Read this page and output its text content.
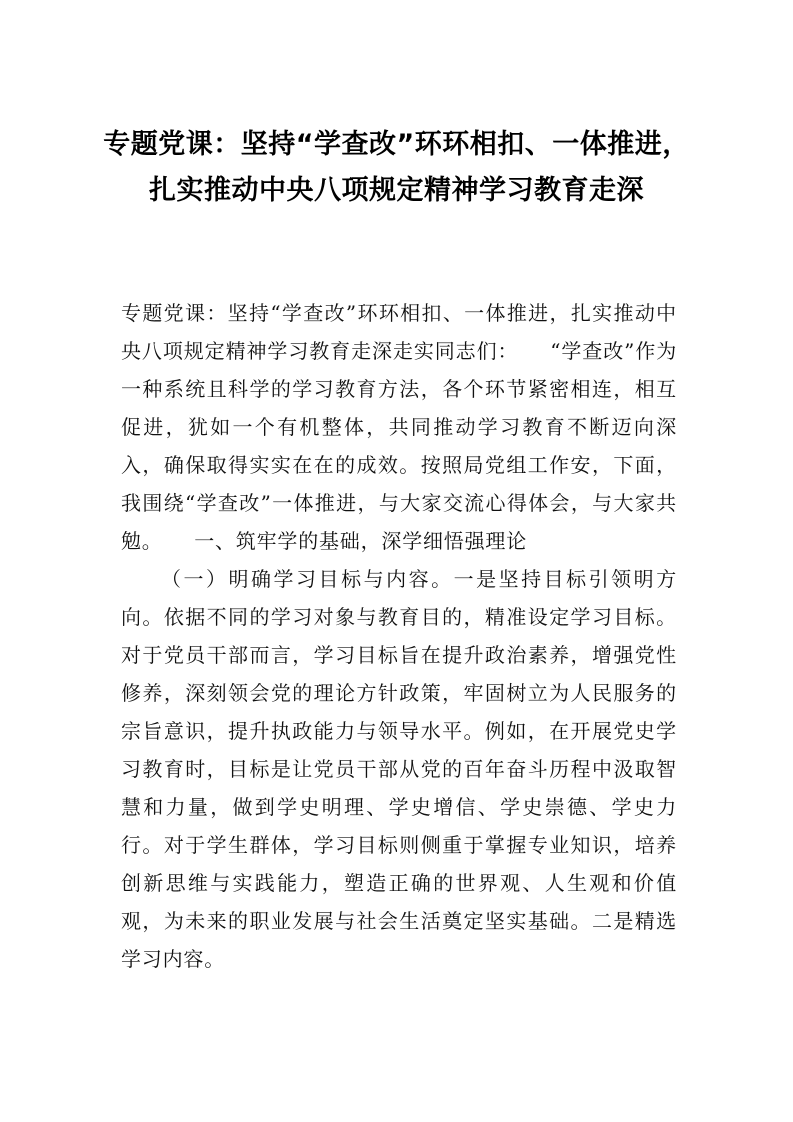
专题党课：坚持“学查改”环环相扣、一体推进，扎实推动中央八项规定精神学习教育走深

专题党课：坚持“学查改”环环相扣、一体推进，扎实推动中央八项规定精神学习教育走深走实同志们：　　“学查改”作为一种系统且科学的学习教育方法，各个环节紧密相连，相互促进，犹如一个有机整体，共同推动学习教育不断迈向深入，确保取得实实在在的成效。按照局党组工作安，下面，我围绕“学查改”一体推进，与大家交流心得体会，与大家共勉。　　一、筑牢学的基础，深学细悟强理论

（一）明确学习目标与内容。一是坚持目标引领明方向。依据不同的学习对象与教育目的，精准设定学习目标。对于党员干部而言，学习目标旨在提升政治素养，增强党性修养，深刻领会党的理论方针政策，牢固树立为人民服务的宗旨意识，提升执政能力与领导水平。例如，在开展党史学习教育时，目标是让党员干部从党的百年奋斗历程中汲取智慧和力量，做到学史明理、学史增信、学史崇德、学史力行。对于学生群体，学习目标则侧重于掌握专业知识，培养创新思维与实践能力，塑造正确的世界观、人生观和价值观，为未来的职业发展与社会生活奠定坚实基础。二是精选学习内容。
